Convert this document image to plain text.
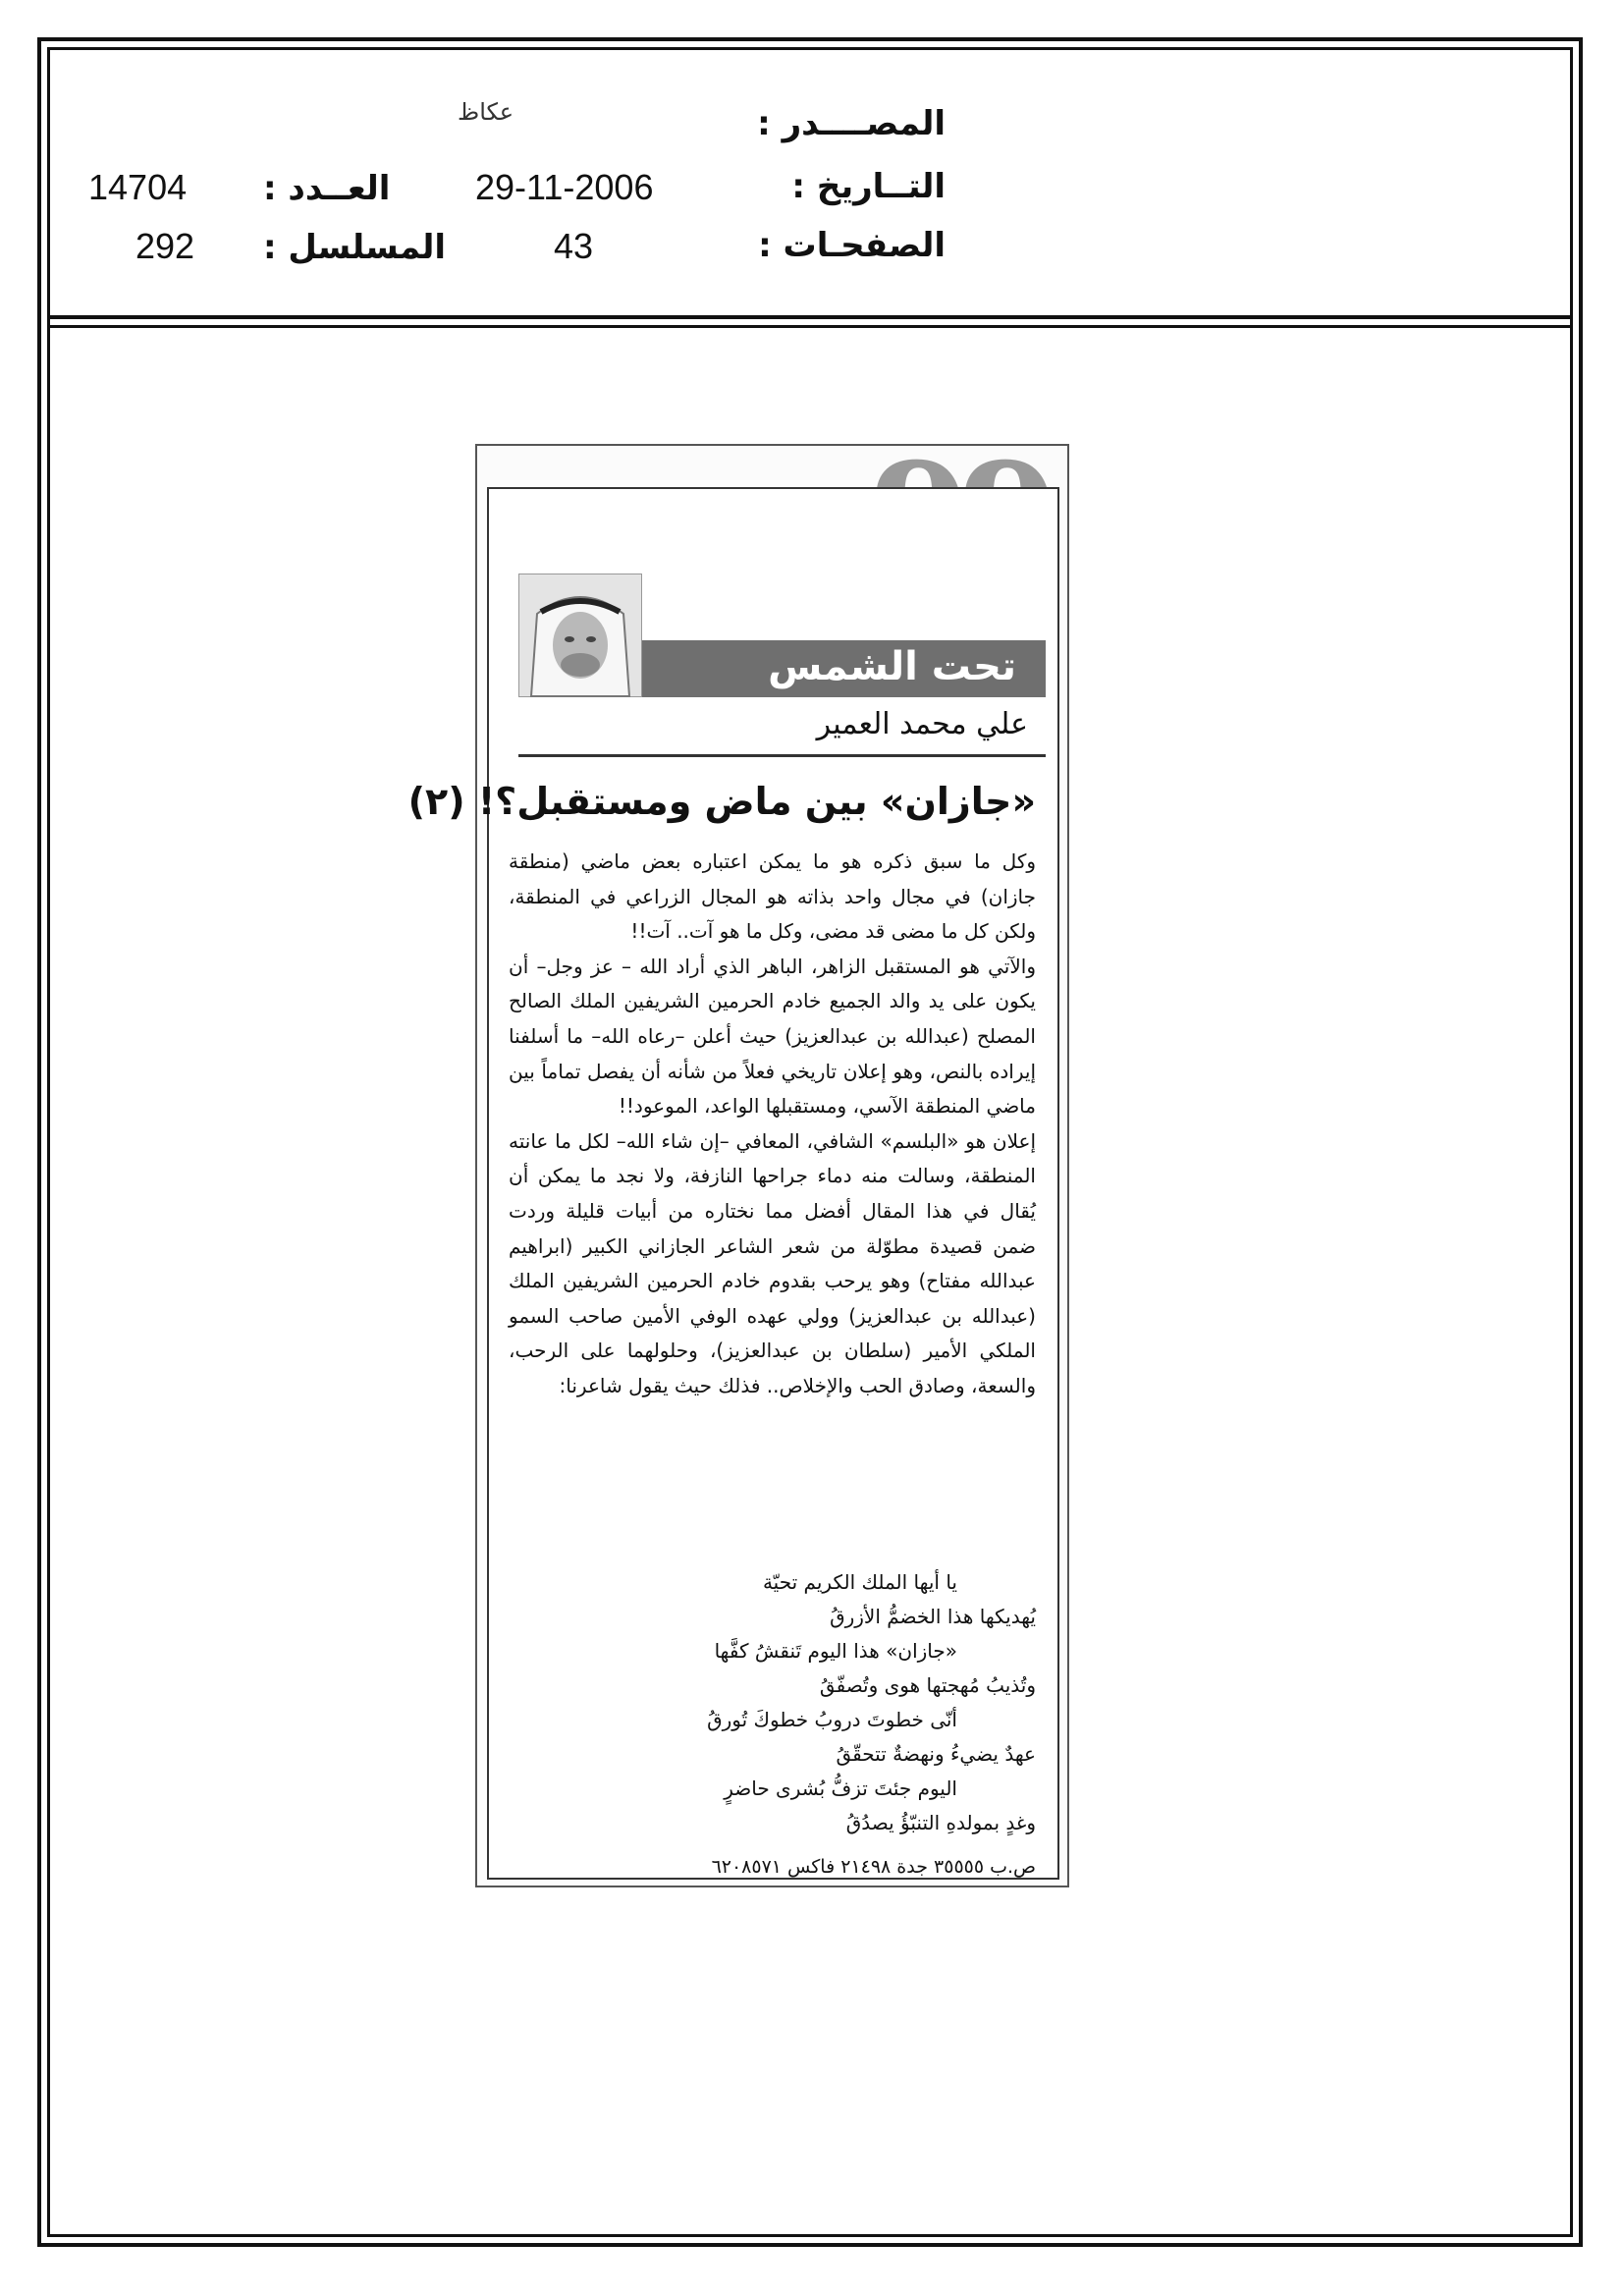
المصــــدر :
عكاظ
التــاريخ :
29-11-2006
العــدد :
14704
الصفحـات :
43
المسلسل :
292
تحت الشمس
علي محمد العمير
«جازان» بين ماض ومستقبل؟! (٢)

وكل ما سبق ذكره هو ما يمكن اعتباره بعض ماضي (منطقة جازان) في مجال واحد بذاته هو المجال الزراعي في المنطقة، ولكن كل ما مضى قد مضى، وكل ما هو آت.. آت!!

والآتي هو المستقبل الزاهر، الباهر الذي أراد الله – عز وجل– أن يكون على يد والد الجميع خادم الحرمين الشريفين الملك الصالح المصلح (عبدالله بن عبدالعزيز) حيث أعلن –رعاه الله– ما أسلفنا إيراده بالنص، وهو إعلان تاريخي فعلاً من شأنه أن يفصل تماماً بين ماضي المنطقة الآسي، ومستقبلها الواعد، الموعود!!

إعلان هو «البلسم» الشافي، المعافي –إن شاء الله– لكل ما عانته المنطقة، وسالت منه دماء جراحها النازفة، ولا نجد ما يمكن أن يُقال في هذا المقال أفضل مما نختاره من أبيات قليلة وردت ضمن قصيدة مطوّلة من شعر الشاعر الجازاني الكبير (ابراهيم عبدالله مفتاح) وهو يرحب بقدوم خادم الحرمين الشريفين الملك (عبدالله بن عبدالعزيز) وولي عهده الوفي الأمين صاحب السمو الملكي الأمير (سلطان بن عبدالعزيز)، وحلولهما على الرحب، والسعة، وصادق الحب والإخلاص.. فذلك حيث يقول شاعرنا:

يا أيها الملك الكريم تحيّة
يُهديكها هذا الخضمُّ الأزرقُ
«جازان» هذا اليوم تَنقشُ كفَّها
وتُذيبُ مُهجتها هوى وتُصفّقُ
أنّى خطوتَ دروبُ خطوكَ تُورقُ
عهدٌ يضيءُ ونهضةٌ تتحقّقُ
اليوم جئتَ تزفُّ بُشرى حاضرٍ
وغدٍ بمولدهِ التنبّؤُ يصدُقُ
ص.ب ٣٥٥٥٥ جدة ٢١٤٩٨ فاكس ٦٢٠٨٥٧١
